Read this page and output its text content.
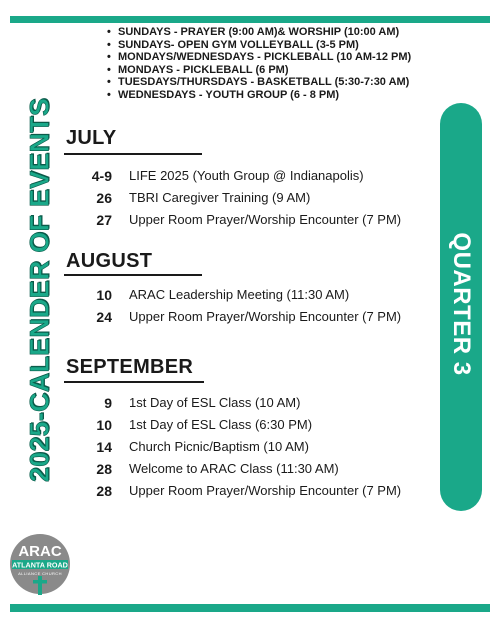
2025-CALENDER OF EVENTS
• SUNDAYS - PRAYER (9:00 AM)& WORSHIP (10:00 AM)
• SUNDAYS- OPEN GYM VOLLEYBALL (3-5 PM)
• MONDAYS/WEDNESDAYS - PICKLEBALL (10 AM-12 PM)
• MONDAYS - PICKLEBALL (6 PM)
• TUESDAYS/THURSDAYS - BASKETBALL (5:30-7:30 AM)
• WEDNESDAYS - YOUTH GROUP (6 - 8 PM)
QUARTER 3
JULY
4-9 LIFE 2025 (Youth Group @ Indianapolis)
26 TBRI Caregiver Training (9 AM)
27 Upper Room Prayer/Worship Encounter (7 PM)
AUGUST
10 ARAC Leadership Meeting (11:30 AM)
24 Upper Room Prayer/Worship Encounter (7 PM)
SEPTEMBER
9 1st Day of ESL Class (10 AM)
10 1st Day of ESL Class (6:30 PM)
14 Church Picnic/Baptism (10 AM)
28 Welcome to ARAC Class (11:30 AM)
28 Upper Room Prayer/Worship Encounter (7 PM)
ARAC
ATLANTA ROAD
ALLIANCE CHURCH
